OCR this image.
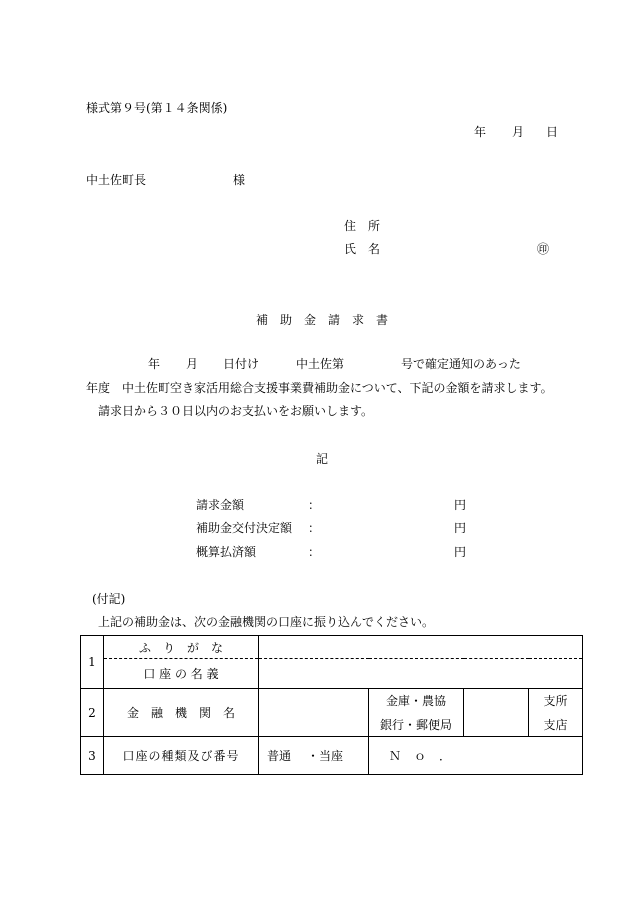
様式第９号(第１４条関係)
年 月 日
中土佐町長	様
住　所
氏　名	㊞
補　助　金　請　求　書
年 月 日付け	中土佐第	号で確定通知のあった
年度　中土佐町空き家活用総合支援事業費補助金について、下記の金額を請求します。
請求日から３０日以内のお支払いをお願いします。
記
請求金額	：	円
補助金交付決定額 ：	円
概算払済額	：	円
(付記)
上記の補助金は、次の金融機関の口座に振り込んでください。
1	ふ　り　が　な				
	口 座 の 名 義				
2	金　融　機　関　名		金庫・農協		支所
			銀行・郵便局		支店
3	口座の種類及び番号	普通 ・当座	Ｎｏ．		
